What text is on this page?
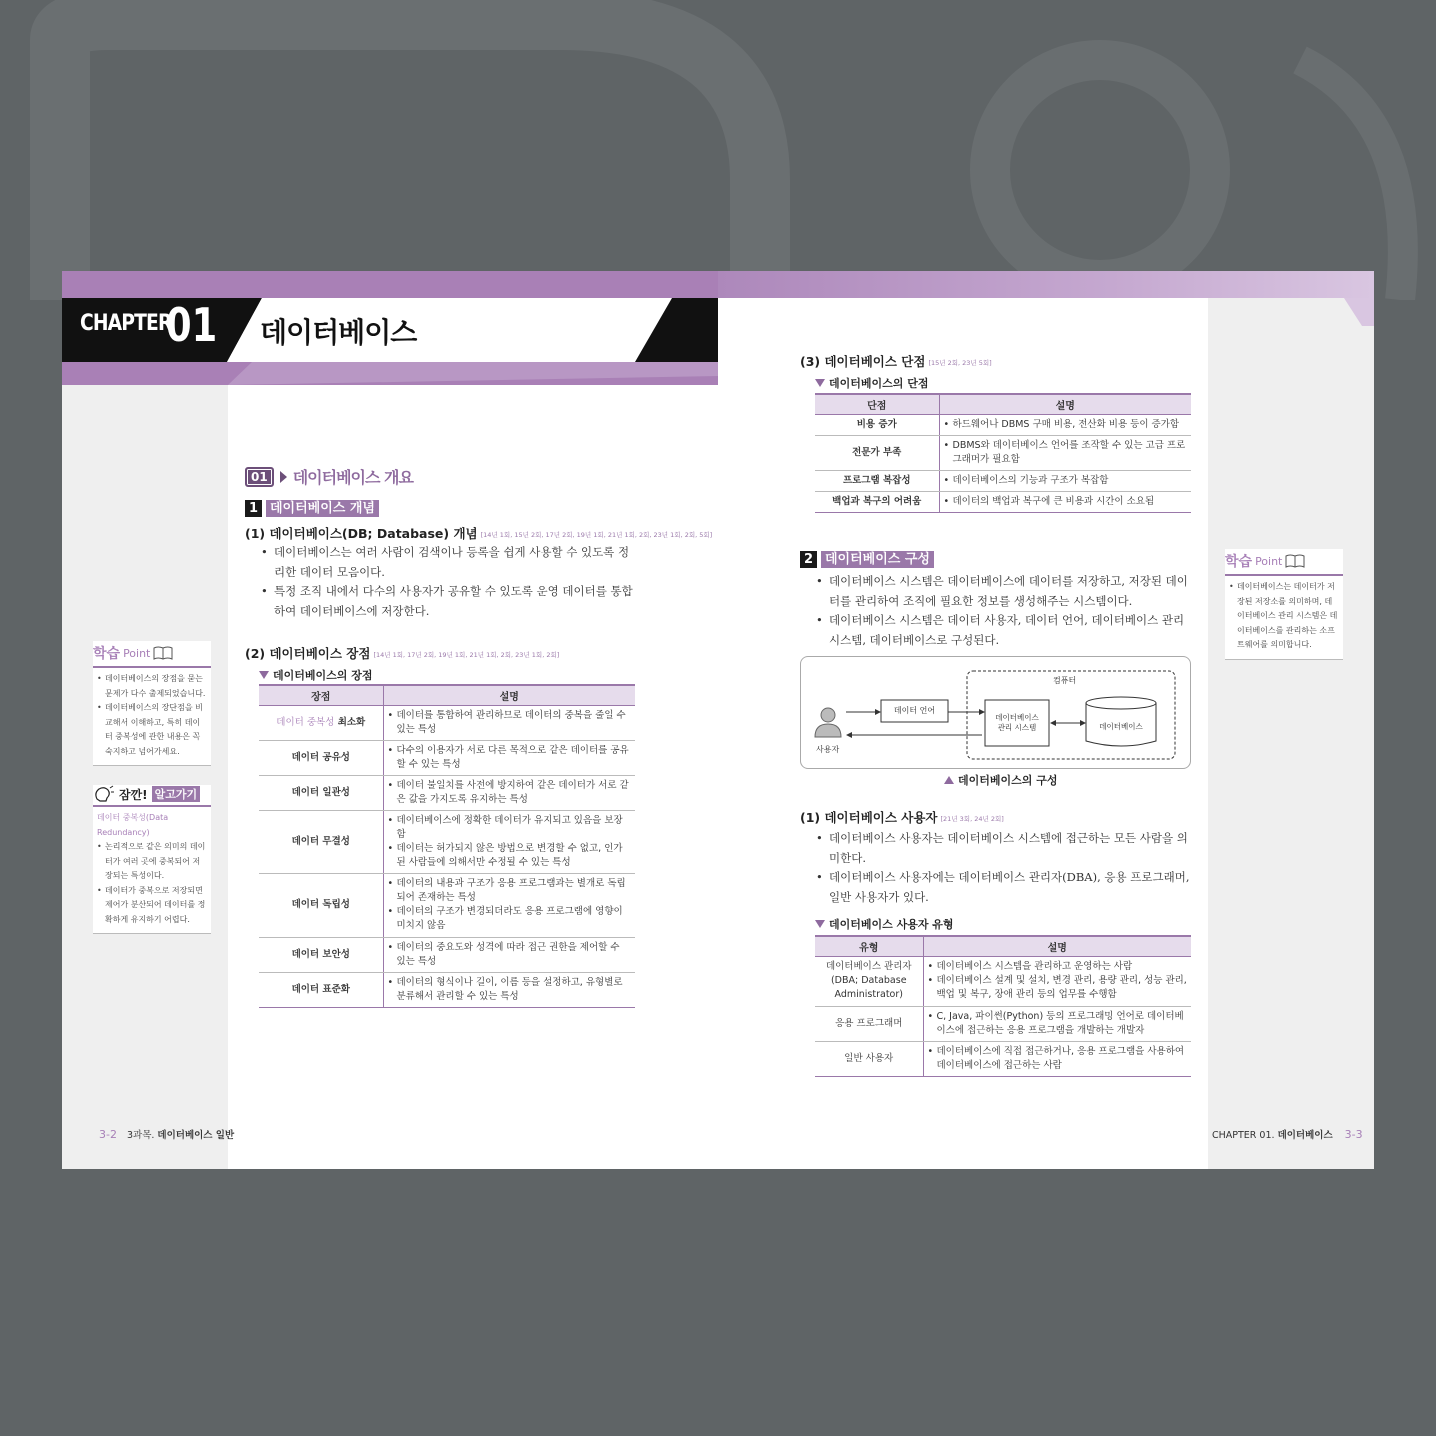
CHAPTER
01 데이터베이스
01	데이터베이스 개요
1 데이터베이스 개념
(1) 데이터베이스(DB; Database) 개념 [14년 1회, 15년 2회, 17년 2회, 19년 1회, 21년 1회, 2회, 23년 1회, 2회, 5회]
• 데이터베이스는 여러 사람이 검색이나 등록을 쉽게 사용할 수 있도록 정리한 데이터 모음이다.
• 특정 조직 내에서 다수의 사용자가 공유할 수 있도록 운영 데이터를 통합하여 데이터베이스에 저장한다.
(2) 데이터베이스 장점 [14년 1회, 17년 2회, 19년 1회, 21년 1회, 2회, 23년 1회, 2회]
데이터베이스의 장점
장점	설명
데이터 중복성 최소화	• 데이터를 통합하여 관리하므로 데이터의 중복을 줄일 수 있는 특성

데이터 공유성	• 다수의 이용자가 서로 다른 목적으로 같은 데이터를 공유할 수 있는 특성

데이터 일관성	• 데이터 불일치를 사전에 방지하여 같은 데이터가 서로 같은 값을 가지도록 유지하는 특성

데이터 무결성	• 데이터베이스에 정확한 데이터가 유지되고 있음을 보장함
• 데이터는 허가되지 않은 방법으로 변경할 수 없고, 인가된 사람들에 의해서만 수정될 수 있는 특성

데이터 독립성	• 데이터의 내용과 구조가 응용 프로그램과는 별개로 독립되어 존재하는 특성
• 데이터의 구조가 변경되더라도 응용 프로그램에 영향이 미치지 않음

데이터 보안성	• 데이터의 중요도와 성격에 따라 접근 권한을 제어할 수 있는 특성

데이터 표준화	• 데이터의 형식이나 길이, 이름 등을 설정하고, 유형별로 분류해서 관리할 수 있는 특성
학습 Point
• 데이터베이스의 장점을 묻는 문제가 다수 출제되었습니다.
• 데이터베이스의 장단점을 비교해서 이해하고, 특히 데이터 중복성에 관한 내용은 꼭 숙지하고 넘어가세요.
잠깐! 알고가기
데이터 중복성(Data Redundancy)
• 논리적으로 같은 의미의 데이터가 여러 곳에 중복되어 저장되는 특성이다.
• 데이터가 중복으로 저장되면 제어가 분산되어 데이터를 정확하게 유지하기 어렵다.
3-2 3과목. 데이터베이스 일반
(3) 데이터베이스 단점 [15년 2회, 23년 5회]
데이터베이스의 단점
단점	설명
비용 증가	• 하드웨어나 DBMS 구매 비용, 전산화 비용 등이 증가함

전문가 부족	• DBMS와 데이터베이스 언어를 조작할 수 있는 고급 프로그래머가 필요함

프로그램 복잡성	• 데이터베이스의 기능과 구조가 복잡함

백업과 복구의 어려움	• 데이터의 백업과 복구에 큰 비용과 시간이 소요됨
2 데이터베이스 구성
• 데이터베이스 시스템은 데이터베이스에 데이터를 저장하고, 저장된 데이터를 관리하여 조직에 필요한 정보를 생성해주는 시스템이다.
• 데이터베이스 시스템은 데이터 사용자, 데이터 언어, 데이터베이스 관리 시스템, 데이터베이스로 구성된다.
컴퓨터
사용자
데이터 언어
데이터베이스
관리 시스템	데이터베이스
데이터베이스의 구성
(1) 데이터베이스 사용자 [21년 3회, 24년 2회]
• 데이터베이스 사용자는 데이터베이스 시스템에 접근하는 모든 사람을 의미한다.
• 데이터베이스 사용자에는 데이터베이스 관리자(DBA), 응용 프로그래머, 일반 사용자가 있다.
데이터베이스 사용자 유형
유형	설명
데이터베이스 관리자 (DBA; Database Administrator)	• 데이터베이스 시스템을 관리하고 운영하는 사람
• 데이터베이스 설계 및 설치, 변경 관리, 용량 관리, 성능 관리, 백업 및 복구, 장애 관리 등의 업무를 수행함

응용 프로그래머	• C, Java, 파이썬(Python) 등의 프로그래밍 언어로 데이터베이스에 접근하는 응용 프로그램을 개발하는 개발자

일반 사용자	• 데이터베이스에 직접 접근하거나, 응용 프로그램을 사용하여 데이터베이스에 접근하는 사람
학습 Point
• 데이터베이스는 데이터가 저장된 저장소를 의미하며, 데이터베이스 관리 시스템은 데이터베이스를 관리하는 소프트웨어를 의미합니다.
CHAPTER 01. 데이터베이스 3-3
